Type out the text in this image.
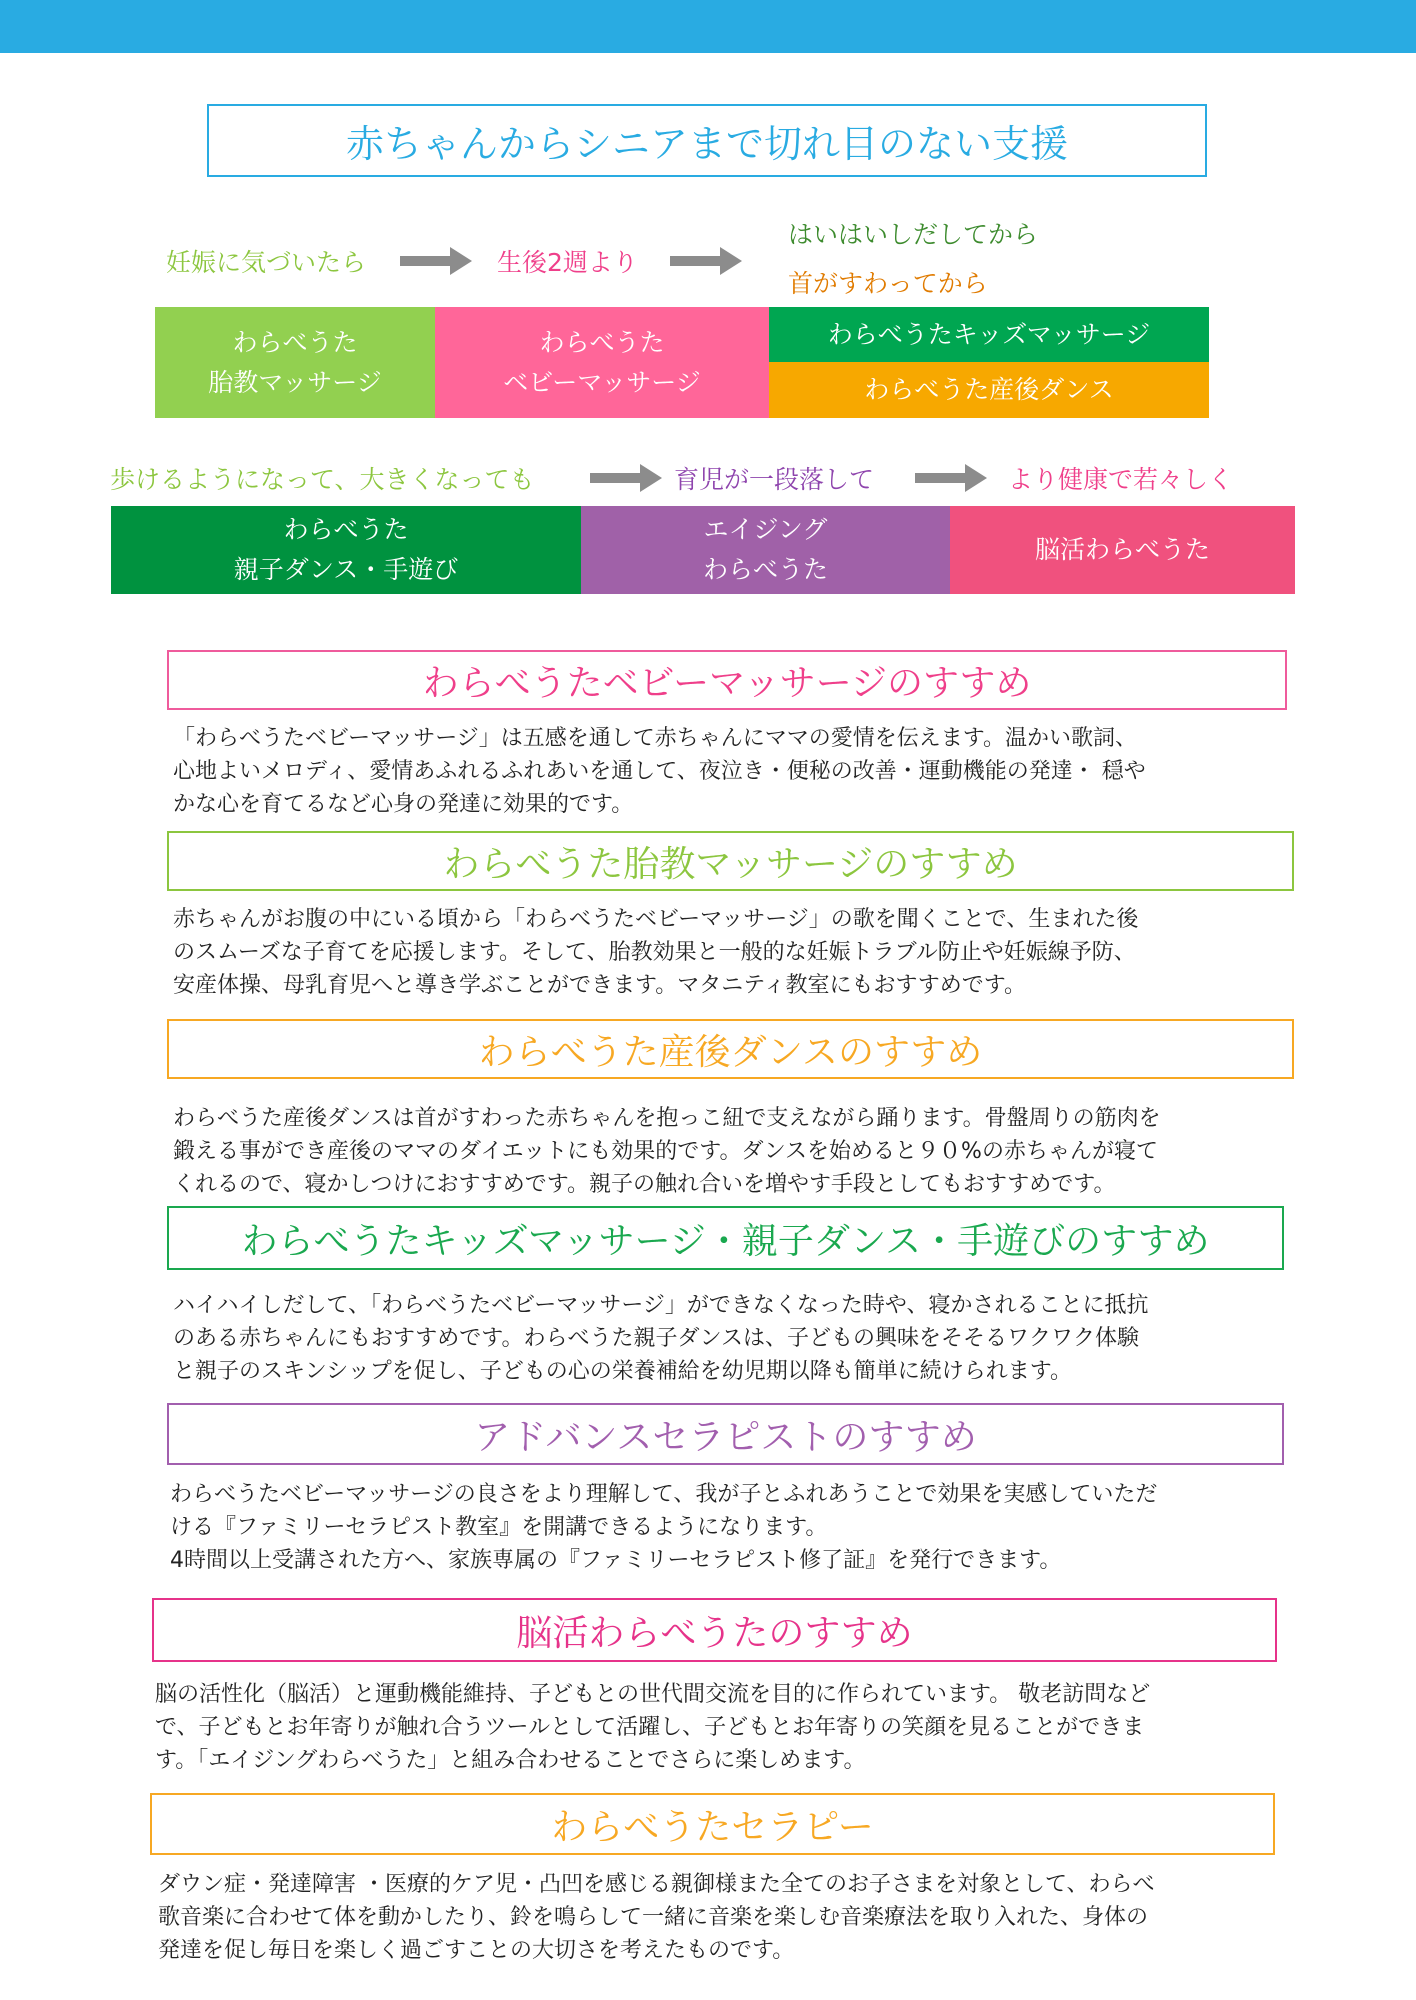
赤ちゃんからシニアまで切れ目のない支援
妊娠に気づいたら	生後2週より
はいはいしだしてから
首がすわってから
わらべうた
胎教マッサージ
わらべうた
ベビーマッサージ
わらべうたキッズマッサージ
わらべうた産後ダンス
歩けるようになって、大きくなっても	育児が一段落して	より健康で若々しく
わらべうた
親子ダンス・手遊び
エイジング
わらべうた
脳活わらべうた
わらべうたベビーマッサージのすすめ
「わらべうたベビーマッサージ」は五感を通して赤ちゃんにママの愛情を伝えます。温かい歌詞、
心地よいメロディ、愛情あふれるふれあいを通して、夜泣き・便秘の改善・運動機能の発達・ 穏や
かな心を育てるなど心身の発達に効果的です。
わらべうた胎教マッサージのすすめ
赤ちゃんがお腹の中にいる頃から「わらべうたベビーマッサージ」の歌を聞くことで、生まれた後
のスムーズな子育てを応援します。そして、胎教効果と一般的な妊娠トラブル防止や妊娠線予防、
安産体操、母乳育児へと導き学ぶことができます。マタニティ教室にもおすすめです。
わらべうた産後ダンスのすすめ
わらべうた産後ダンスは首がすわった赤ちゃんを抱っこ紐で支えながら踊ります。骨盤周りの筋肉を
鍛える事ができ産後のママのダイエットにも効果的です。ダンスを始めると９０%の赤ちゃんが寝て
くれるので、寝かしつけにおすすめです。親子の触れ合いを増やす手段としてもおすすめです。
わらべうたキッズマッサージ・親子ダンス・手遊びのすすめ
ハイハイしだして、「わらべうたベビーマッサージ」ができなくなった時や、寝かされることに抵抗
のある赤ちゃんにもおすすめです。わらべうた親子ダンスは、子どもの興味をそそるワクワク体験
と親子のスキンシップを促し、子どもの心の栄養補給を幼児期以降も簡単に続けられます。
アドバンスセラピストのすすめ
わらべうたベビーマッサージの良さをより理解して、我が子とふれあうことで効果を実感していただ
ける『ファミリーセラピスト教室』を開講できるようになります。
4時間以上受講された方へ、家族専属の『ファミリーセラピスト修了証』を発行できます。
脳活わらべうたのすすめ
脳の活性化（脳活）と運動機能維持、子どもとの世代間交流を目的に作られています。 敬老訪問など
で、子どもとお年寄りが触れ合うツールとして活躍し、子どもとお年寄りの笑顔を見ることができま
す。「エイジングわらべうた」と組み合わせることでさらに楽しめます。
わらべうたセラピー
ダウン症・発達障害 ・医療的ケア児・凸凹を感じる親御様また全てのお子さまを対象として、わらべ
歌音楽に合わせて体を動かしたり、鈴を鳴らして一緒に音楽を楽しむ音楽療法を取り入れた、身体の
発達を促し毎日を楽しく過ごすことの大切さを考えたものです。
